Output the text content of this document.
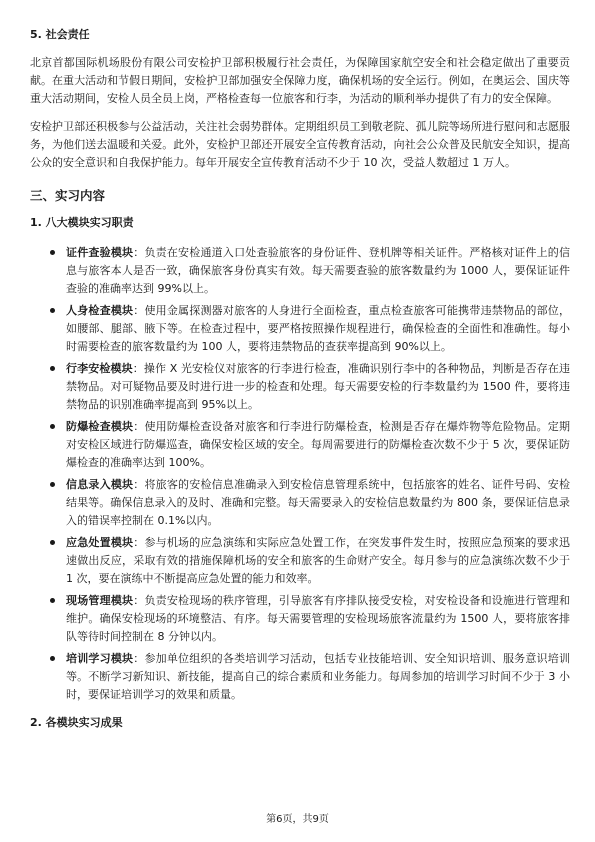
5. 社会责任

北京首都国际机场股份有限公司安检护卫部积极履行社会责任，为保障国家航空安全和社会稳定做出了重要贡献。在重大活动和节假日期间，安检护卫部加强安全保障力度，确保机场的安全运行。例如，在奥运会、国庆等重大活动期间，安检人员全员上岗，严格检查每一位旅客和行李，为活动的顺利举办提供了有力的安全保障。

安检护卫部还积极参与公益活动，关注社会弱势群体。定期组织员工到敬老院、孤儿院等场所进行慰问和志愿服务，为他们送去温暖和关爱。此外，安检护卫部还开展安全宣传教育活动，向社会公众普及民航安全知识，提高公众的安全意识和自我保护能力。每年开展安全宣传教育活动不少于 10 次，受益人数超过 1 万人。

三、实习内容
1. 八大模块实习职责
证件查验模块：负责在安检通道入口处查验旅客的身份证件、登机牌等相关证件。严格核对证件上的信息与旅客本人是否一致，确保旅客身份真实有效。每天需要查验的旅客数量约为 1000 人，要保证证件查验的准确率达到 99%以上。
人身检查模块：使用金属探测器对旅客的人身进行全面检查，重点检查旅客可能携带违禁物品的部位，如腰部、腿部、腋下等。在检查过程中，要严格按照操作规程进行，确保检查的全面性和准确性。每小时需要检查的旅客数量约为 100 人，要将违禁物品的查获率提高到 90%以上。
行李安检模块：操作 X 光安检仪对旅客的行李进行检查，准确识别行李中的各种物品，判断是否存在违禁物品。对可疑物品要及时进行进一步的检查和处理。每天需要安检的行李数量约为 1500 件，要将违禁物品的识别准确率提高到 95%以上。
防爆检查模块：使用防爆检查设备对旅客和行李进行防爆检查，检测是否存在爆炸物等危险物品。定期对安检区域进行防爆巡查，确保安检区域的安全。每周需要进行的防爆检查次数不少于 5 次，要保证防爆检查的准确率达到 100%。
信息录入模块：将旅客的安检信息准确录入到安检信息管理系统中，包括旅客的姓名、证件号码、安检结果等。确保信息录入的及时、准确和完整。每天需要录入的安检信息数量约为 800 条，要保证信息录入的错误率控制在 0.1%以内。
应急处置模块：参与机场的应急演练和实际应急处置工作，在突发事件发生时，按照应急预案的要求迅速做出反应，采取有效的措施保障机场的安全和旅客的生命财产安全。每月参与的应急演练次数不少于 1 次，要在演练中不断提高应急处置的能力和效率。
现场管理模块：负责安检现场的秩序管理，引导旅客有序排队接受安检，对安检设备和设施进行管理和维护。确保安检现场的环境整洁、有序。每天需要管理的安检现场旅客流量约为 1500 人，要将旅客排队等待时间控制在 8 分钟以内。
培训学习模块：参加单位组织的各类培训学习活动，包括专业技能培训、安全知识培训、服务意识培训等。不断学习新知识、新技能，提高自己的综合素质和业务能力。每周参加的培训学习时间不少于 3 小时，要保证培训学习的效果和质量。
2. 各模块实习成果
第6页，共9页
